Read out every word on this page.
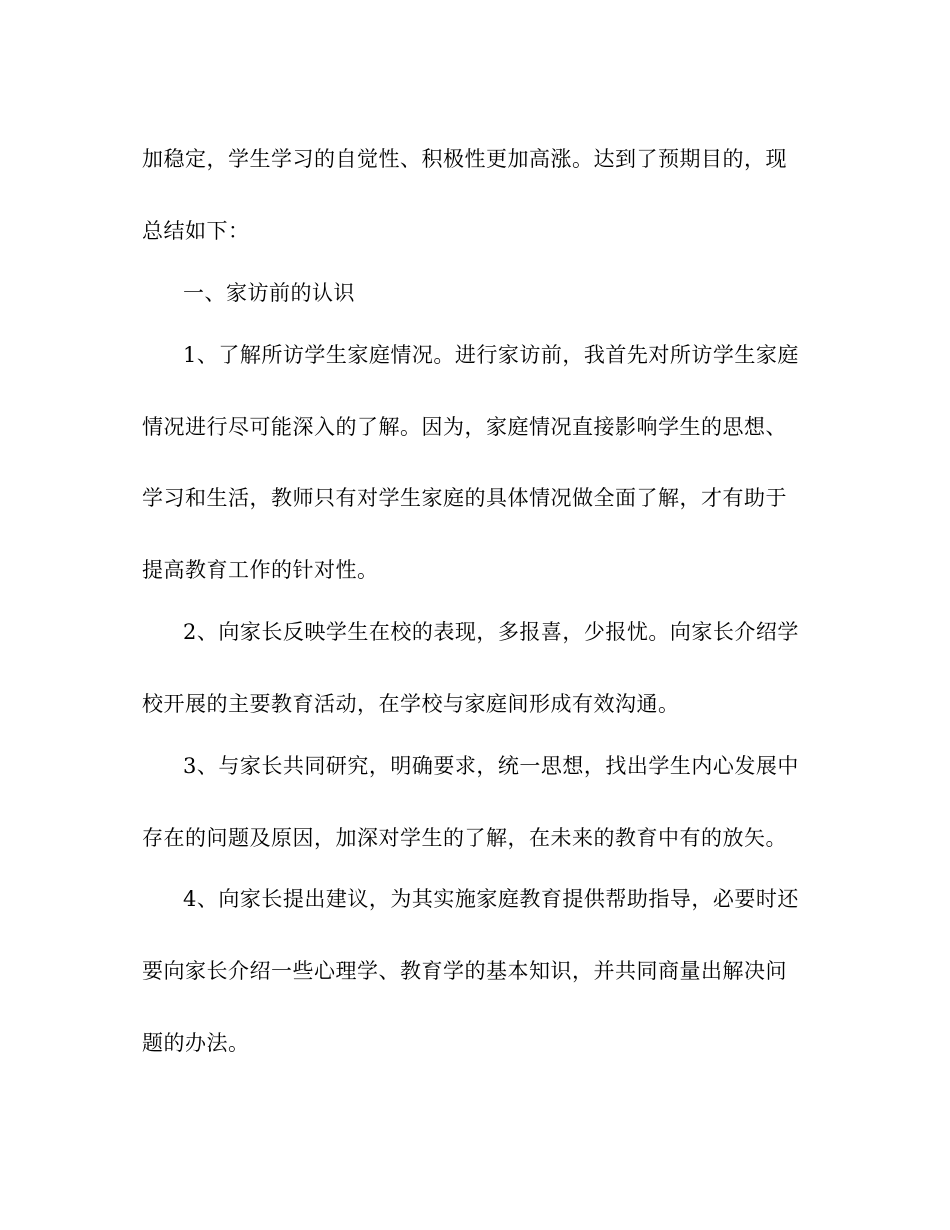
加稳定，学生学习的自觉性、积极性更加高涨。达到了预期目的，现
总结如下：
一、家访前的认识
1、了解所访学生家庭情况。进行家访前，我首先对所访学生家庭
情况进行尽可能深入的了解。因为，家庭情况直接影响学生的思想、
学习和生活，教师只有对学生家庭的具体情况做全面了解，才有助于
提高教育工作的针对性。
2、向家长反映学生在校的表现，多报喜，少报忧。向家长介绍学
校开展的主要教育活动，在学校与家庭间形成有效沟通。
3、与家长共同研究，明确要求，统一思想，找出学生内心发展中
存在的问题及原因，加深对学生的了解，在未来的教育中有的放矢。
4、向家长提出建议，为其实施家庭教育提供帮助指导，必要时还
要向家长介绍一些心理学、教育学的基本知识，并共同商量出解决问
题的办法。
